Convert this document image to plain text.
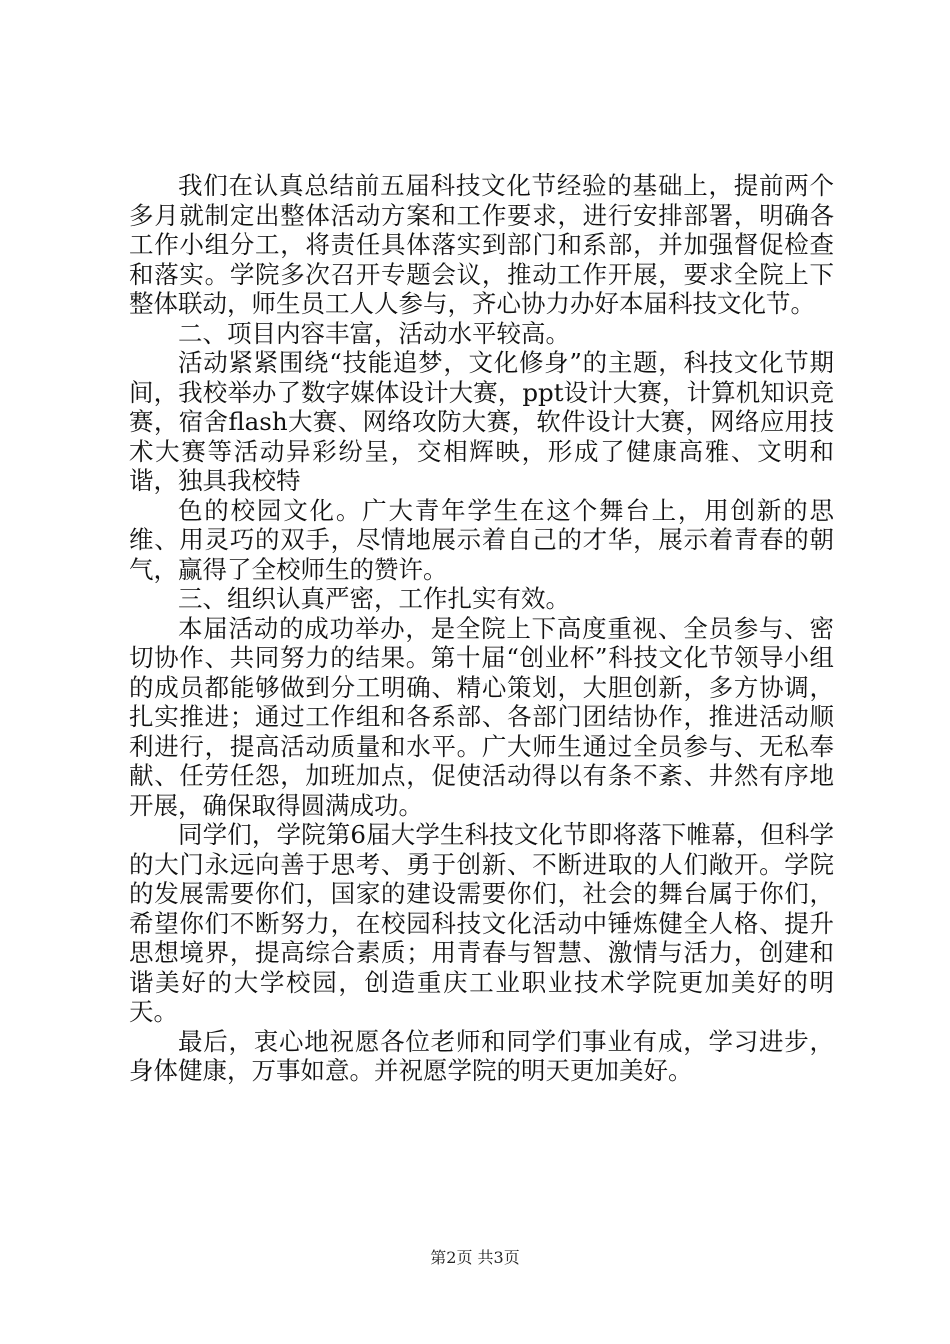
我们在认真总结前五届科技文化节经验的基础上，提前两个多月就制定出整体活动方案和工作要求，进行安排部署，明确各工作小组分工，将责任具体落实到部门和系部，并加强督促检查和落实。学院多次召开专题会议，推动工作开展，要求全院上下整体联动，师生员工人人参与，齐心协力办好本届科技文化节。

二、项目内容丰富，活动水平较高。

活动紧紧围绕“技能追梦，文化修身”的主题，科技文化节期间，我校举办了数字媒体设计大赛，ppt设计大赛，计算机知识竞赛，宿舍flash大赛、网络攻防大赛，软件设计大赛，网络应用技术大赛等活动异彩纷呈，交相辉映，形成了健康高雅、文明和谐，独具我校特

色的校园文化。广大青年学生在这个舞台上，用创新的思维、用灵巧的双手，尽情地展示着自己的才华，展示着青春的朝气，赢得了全校师生的赞许。

三、组织认真严密，工作扎实有效。

本届活动的成功举办，是全院上下高度重视、全员参与、密切协作、共同努力的结果。第十届“创业杯”科技文化节领导小组的成员都能够做到分工明确、精心策划，大胆创新，多方协调，扎实推进；通过工作组和各系部、各部门团结协作，推进活动顺利进行，提高活动质量和水平。广大师生通过全员参与、无私奉献、任劳任怨，加班加点，促使活动得以有条不紊、井然有序地开展，确保取得圆满成功。

同学们，学院第6届大学生科技文化节即将落下帷幕，但科学的大门永远向善于思考、勇于创新、不断进取的人们敞开。学院的发展需要你们，国家的建设需要你们，社会的舞台属于你们，希望你们不断努力，在校园科技文化活动中锤炼健全人格、提升思想境界，提高综合素质；用青春与智慧、激情与活力，创建和谐美好的大学校园，创造重庆工业职业技术学院更加美好的明天。

最后，衷心地祝愿各位老师和同学们事业有成，学习进步，身体健康，万事如意。并祝愿学院的明天更加美好。

第2页 共3页
